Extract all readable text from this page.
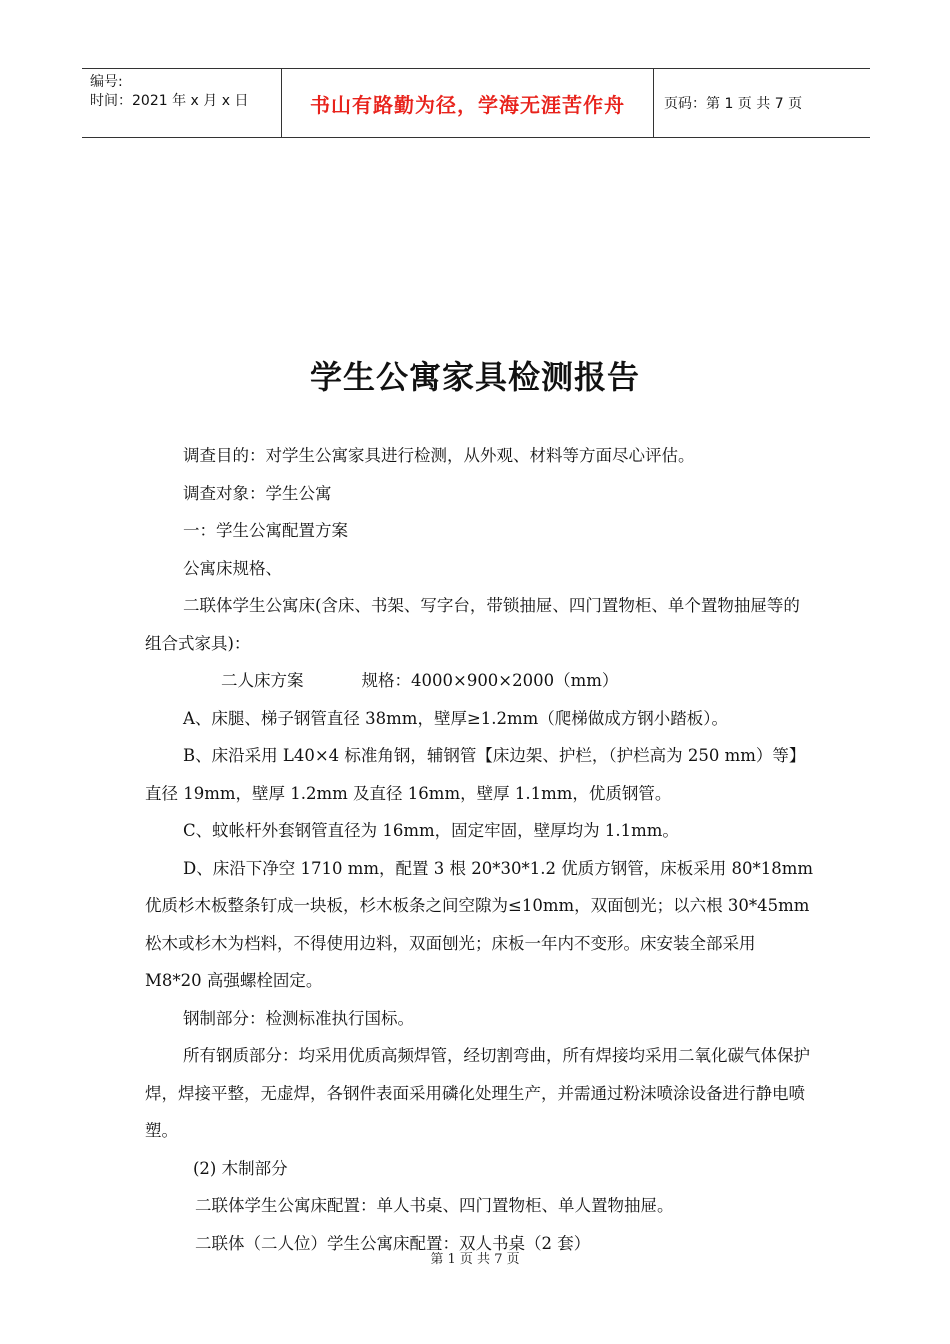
编号:
时间：2021 年 x 月 x 日	书山有路勤为径，学海无涯苦作舟	页码：第 1 页 共 7 页
学生公寓家具检测报告

调查目的：对学生公寓家具进行检测，从外观、材料等方面尽心评估。

调查对象：学生公寓

一：学生公寓配置方案

公寓床规格、

二联体学生公寓床(含床、书架、写字台，带锁抽屉、四门置物柜、单个置物抽屉等的组合式家具)：

二人床方案	规格：4000×900×2000（mm）

A、床腿、梯子钢管直径 38mm，壁厚≥1.2mm（爬梯做成方钢小踏板）。

B、床沿采用 L40×4 标准角钢，辅钢管【床边架、护栏，（护栏高为 250 mm）等】直径 19mm，壁厚 1.2mm 及直径 16mm，壁厚 1.1mm，优质钢管。

C、蚊帐杆外套钢管直径为 16mm，固定牢固，壁厚均为 1.1mm。

D、床沿下净空 1710 mm，配置 3 根 20*30*1.2 优质方钢管，床板采用 80*18mm 优质杉木板整条钉成一块板，杉木板条之间空隙为≤10mm，双面刨光；以六根 30*45mm 松木或杉木为档料，不得使用边料，双面刨光；床板一年内不变形。床安装全部采用 M8*20 高强螺栓固定。

钢制部分：检测标准执行国标。

所有钢质部分：均采用优质高频焊管，经切割弯曲，所有焊接均采用二氧化碳气体保护焊，焊接平整，无虚焊，各钢件表面采用磷化处理生产，并需通过粉沫喷涂设备进行静电喷塑。

(2) 木制部分

二联体学生公寓床配置：单人书桌、四门置物柜、单人置物抽屉。

二联体（二人位）学生公寓床配置：双人书桌（2 套）

第 1 页 共 7 页
